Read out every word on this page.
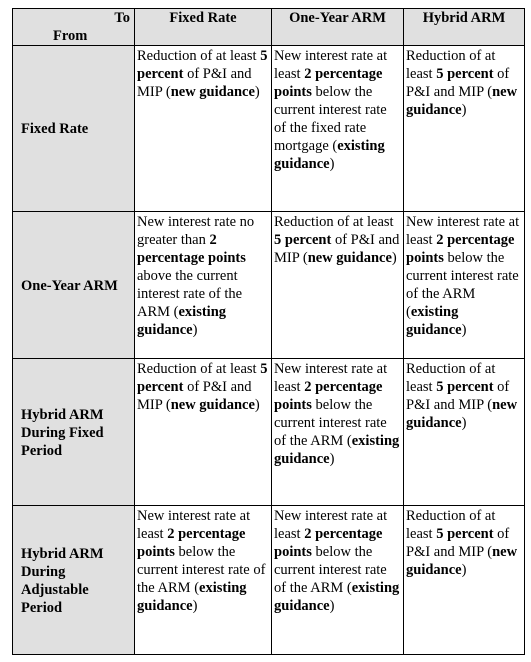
To
From	Fixed Rate	One-Year ARM	Hybrid ARM
Fixed Rate	Reduction of at least 5 percent of P&I and MIP (new guidance)	New interest rate at least 2 percentage points below the current interest rate of the fixed rate mortgage (existing guidance)	Reduction of at least 5 percent of P&I and MIP (new guidance)
One-Year ARM	New interest rate no greater than 2 percentage points above the current interest rate of the ARM (existing guidance)	Reduction of at least 5 percent of P&I and MIP (new guidance)	New interest rate at least 2 percentage points below the current interest rate of the ARM (existing guidance)
Hybrid ARM During Fixed Period	Reduction of at least 5 percent of P&I and MIP (new guidance)	New interest rate at least 2 percentage points below the current interest rate of the ARM (existing guidance)	Reduction of at least 5 percent of P&I and MIP (new guidance)
Hybrid ARM During Adjustable Period	New interest rate at least 2 percentage points below the current interest rate of the ARM (existing guidance)	New interest rate at least 2 percentage points below the current interest rate of the ARM (existing guidance)	Reduction of at least 5 percent of P&I and MIP (new guidance)
